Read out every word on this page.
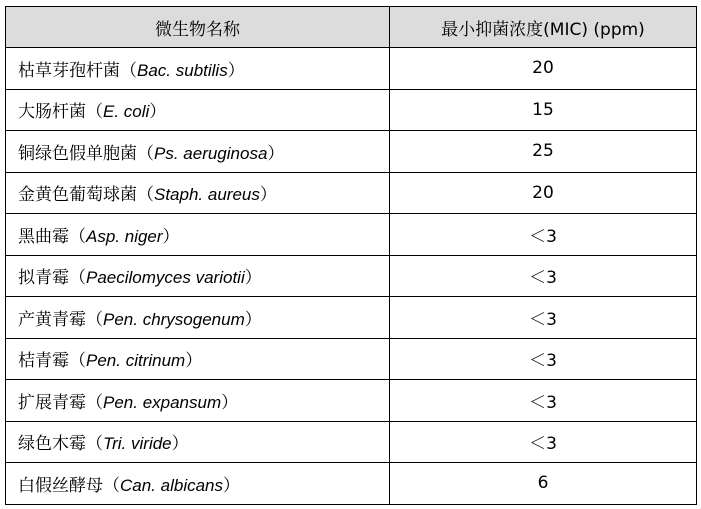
微生物名称	最小抑菌浓度(MIC) (ppm)
枯草芽孢杆菌（Bac. subtilis）	20
大肠杆菌（E. coli）	15
铜绿色假单胞菌（Ps. aeruginosa）	25
金黄色葡萄球菌（Staph. aureus）	20
黑曲霉（Asp. niger）	＜3
拟青霉（Paecilomyces variotii）	＜3
产黄青霉（Pen. chrysogenum）	＜3
桔青霉（Pen. citrinum）	＜3
扩展青霉（Pen. expansum）	＜3
绿色木霉（Tri. viride）	＜3
白假丝酵母（Can. albicans）	6
